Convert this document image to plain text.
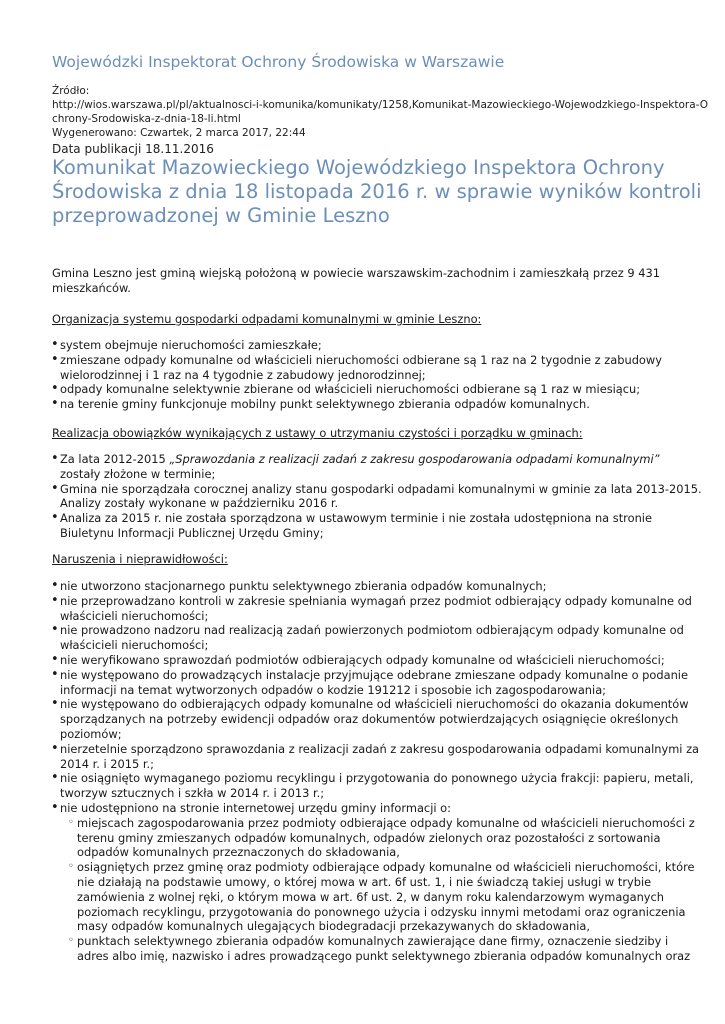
Wojewódzki Inspektorat Ochrony Środowiska w Warszawie
Źródło:
http://wios.warszawa.pl/pl/aktualnosci-i-komunika/komunikaty/1258,Komunikat-Mazowieckiego-Wojewodzkiego-Inspektora-O
chrony-Srodowiska-z-dnia-18-li.html
Wygenerowano: Czwartek, 2 marca 2017, 22:44
Data publikacji 18.11.2016
Komunikat Mazowieckiego Wojewódzkiego Inspektora Ochrony
Środowiska z dnia 18 listopada 2016 r. w sprawie wyników kontroli
przeprowadzonej w Gminie Leszno
Gmina Leszno jest gminą wiejską położoną w powiecie warszawskim-zachodnim i zamieszkałą przez 9 431
mieszkańców.
Organizacja systemu gospodarki odpadami komunalnymi w gminie Leszno:
• system obejmuje nieruchomości zamieszkałe;
• zmieszane odpady komunalne od właścicieli nieruchomości odbierane są 1 raz na 2 tygodnie z zabudowy
wielorodzinnej i 1 raz na 4 tygodnie z zabudowy jednorodzinnej;
• odpady komunalne selektywnie zbierane od właścicieli nieruchomości odbierane są 1 raz w miesiącu;
• na terenie gminy funkcjonuje mobilny punkt selektywnego zbierania odpadów komunalnych.
Realizacja obowiązków wynikających z ustawy o utrzymaniu czystości i porządku w gminach:
• Za lata 2012-2015 „Sprawozdania z realizacji zadań z zakresu gospodarowania odpadami komunalnymi”
zostały złożone w terminie;
• Gmina nie sporządzała corocznej analizy stanu gospodarki odpadami komunalnymi w gminie za lata 2013-2015.
Analizy zostały wykonane w październiku 2016 r.
• Analiza za 2015 r. nie została sporządzona w ustawowym terminie i nie została udostępniona na stronie
Biuletynu Informacji Publicznej Urzędu Gminy;
Naruszenia i nieprawidłowości:
• nie utworzono stacjonarnego punktu selektywnego zbierania odpadów komunalnych;
• nie przeprowadzano kontroli w zakresie spełniania wymagań przez podmiot odbierający odpady komunalne od
właścicieli nieruchomości;
• nie prowadzono nadzoru nad realizacją zadań powierzonych podmiotom odbierającym odpady komunalne od
właścicieli nieruchomości;
• nie weryfikowano sprawozdań podmiotów odbierających odpady komunalne od właścicieli nieruchomości;
• nie występowano do prowadzących instalacje przyjmujące odebrane zmieszane odpady komunalne o podanie
informacji na temat wytworzonych odpadów o kodzie 191212 i sposobie ich zagospodarowania;
• nie występowano do odbierających odpady komunalne od właścicieli nieruchomości do okazania dokumentów
sporządzanych na potrzeby ewidencji odpadów oraz dokumentów potwierdzających osiągnięcie określonych
poziomów;
• nierzetelnie sporządzono sprawozdania z realizacji zadań z zakresu gospodarowania odpadami komunalnymi za
2014 r. i 2015 r.;
• nie osiągnięto wymaganego poziomu recyklingu i przygotowania do ponownego użycia frakcji: papieru, metali,
tworzyw sztucznych i szkła w 2014 r. i 2013 r.;
• nie udostępniono na stronie internetowej urzędu gminy informacji o:
◦ miejscach zagospodarowania przez podmioty odbierające odpady komunalne od właścicieli nieruchomości z
terenu gminy zmieszanych odpadów komunalnych, odpadów zielonych oraz pozostałości z sortowania
odpadów komunalnych przeznaczonych do składowania,
◦ osiągniętych przez gminę oraz podmioty odbierające odpady komunalne od właścicieli nieruchomości, które
nie działają na podstawie umowy, o której mowa w art. 6f ust. 1, i nie świadczą takiej usługi w trybie
zamówienia z wolnej ręki, o którym mowa w art. 6f ust. 2, w danym roku kalendarzowym wymaganych
poziomach recyklingu, przygotowania do ponownego użycia i odzysku innymi metodami oraz ograniczenia
masy odpadów komunalnych ulegających biodegradacji przekazywanych do składowania,
◦ punktach selektywnego zbierania odpadów komunalnych zawierające dane firmy, oznaczenie siedziby i
adres albo imię, nazwisko i adres prowadzącego punkt selektywnego zbierania odpadów komunalnych oraz
